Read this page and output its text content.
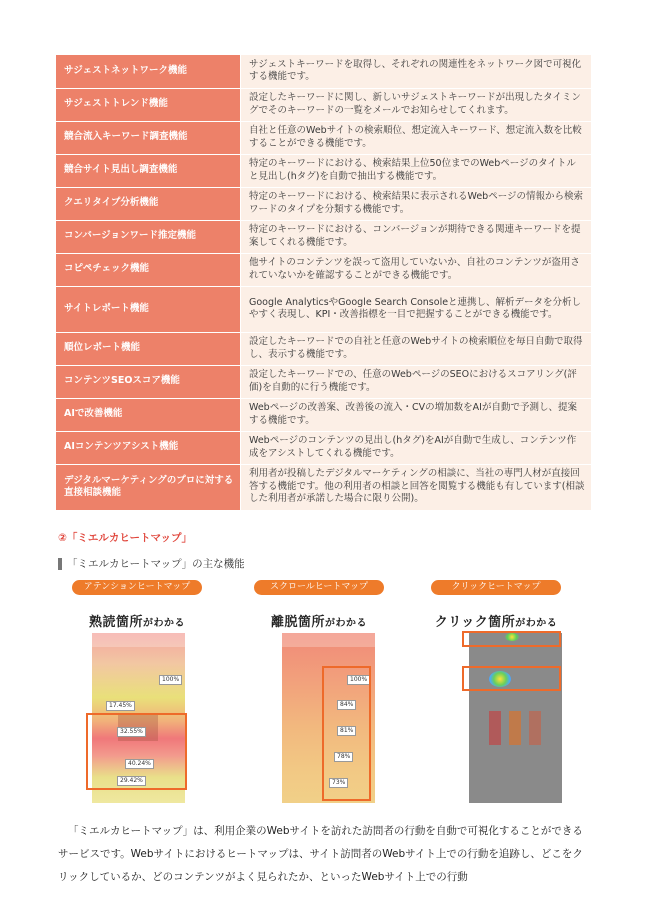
サジェストネットワーク機能	サジェストキーワードを取得し、それぞれの関連性をネットワーク図で可視化する機能です。
サジェストトレンド機能	設定したキーワードに関し、新しいサジェストキーワードが出現したタイミングでそのキーワードの一覧をメールでお知らせしてくれます。
競合流入キーワード調査機能	自社と任意のWebサイトの検索順位、想定流入キーワード、想定流入数を比較することができる機能です。
競合サイト見出し調査機能	特定のキーワードにおける、検索結果上位50位までのWebページのタイトルと見出し(hタグ)を自動で抽出する機能です。
クエリタイプ分析機能	特定のキーワードにおける、検索結果に表示されるWebページの情報から検索ワードのタイプを分類する機能です。
コンバージョンワード推定機能	特定のキーワードにおける、コンバージョンが期待できる関連キーワードを提案してくれる機能です。
コピペチェック機能	他サイトのコンテンツを誤って盗用していないか、自社のコンテンツが盗用されていないかを確認することができる機能です。
サイトレポート機能	Google AnalyticsやGoogle Search Consoleと連携し、解析データを分析しやすく表現し、KPI・改善指標を一目で把握することができる機能です。
順位レポート機能	設定したキーワードでの自社と任意のWebサイトの検索順位を毎日自動で取得し、表示する機能です。
コンテンツSEOスコア機能	設定したキーワードでの、任意のWebページのSEOにおけるスコアリング(評価)を自動的に行う機能です。
AIで改善機能	Webページの改善案、改善後の流入・CVの増加数をAIが自動で予測し、提案する機能です。
AIコンテンツアシスト機能	Webページのコンテンツの見出し(hタグ)をAIが自動で生成し、コンテンツ作成をアシストしてくれる機能です。
デジタルマーケティングのプロに対する直接相談機能	利用者が投稿したデジタルマーケティングの相談に、当社の専門人材が直接回答する機能です。他の利用者の相談と回答を閲覧する機能も有しています(相談した利用者が承諾した場合に限り公開)。
②「ミエルカヒートマップ」
「ミエルカヒートマップ」の主な機能
アテンションヒートマップ
熟読箇所がわかる
100%
17.45%
32.55%
40.24%
29.42%
スクロールヒートマップ
離脱箇所がわかる
100%
84%
81%
78%
73%
クリックヒートマップ
クリック箇所がわかる
「ミエルカヒートマップ」は、利用企業のWebサイトを訪れた訪問者の行動を自動で可視化することができるサービスです。Webサイトにおけるヒートマップは、サイト訪問者のWebサイト上での行動を追跡し、どこをクリックしているか、どのコンテンツがよく見られたか、といったWebサイト上での行動
